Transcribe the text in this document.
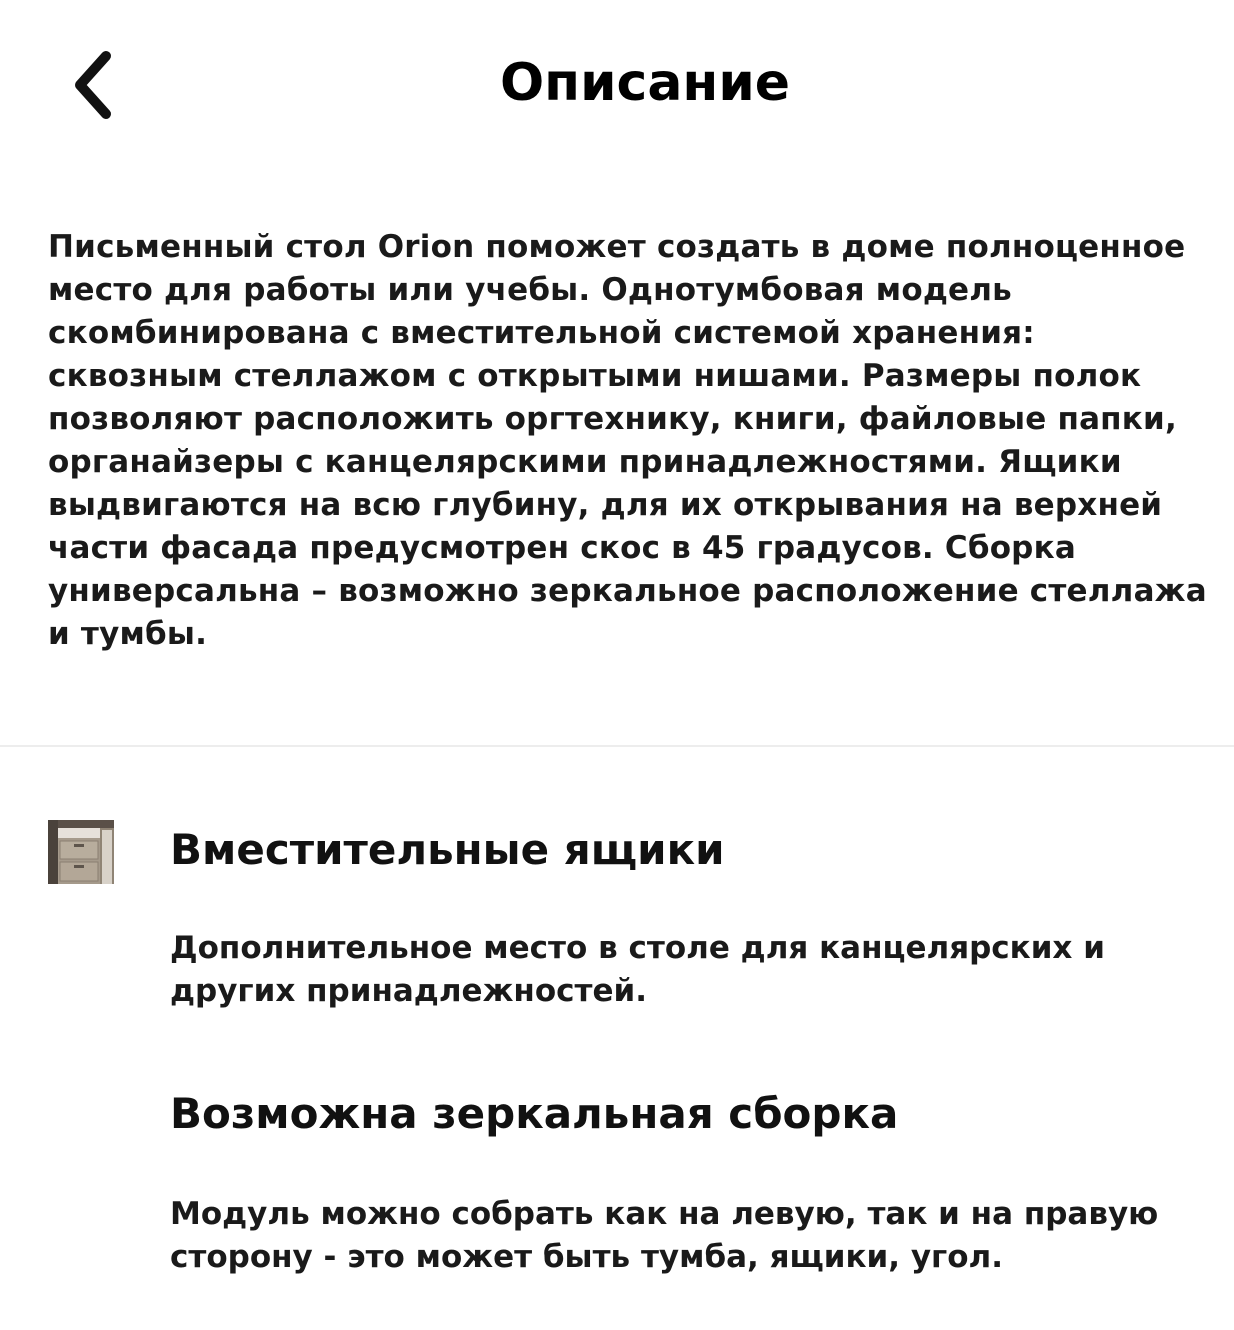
Описание

Письменный стол Orion поможет создать в доме полноценное
место для работы или учебы. Однотумбовая модель
скомбинирована с вместительной системой хранения:
сквозным стеллажом с открытыми нишами. Размеры полок
позволяют расположить оргтехнику, книги, файловые папки,
органайзеры с канцелярскими принадлежностями. Ящики
выдвигаются на всю глубину, для их открывания на верхней
части фасада предусмотрен скос в 45 градусов. Сборка
универсальна – возможно зеркальное расположение стеллажа
и тумбы.

Вместительные ящики

Дополнительное место в столе для канцелярских и
других принадлежностей.

Возможна зеркальная сборка

Модуль можно собрать как на левую, так и на правую
сторону - это может быть тумба, ящики, угол.
